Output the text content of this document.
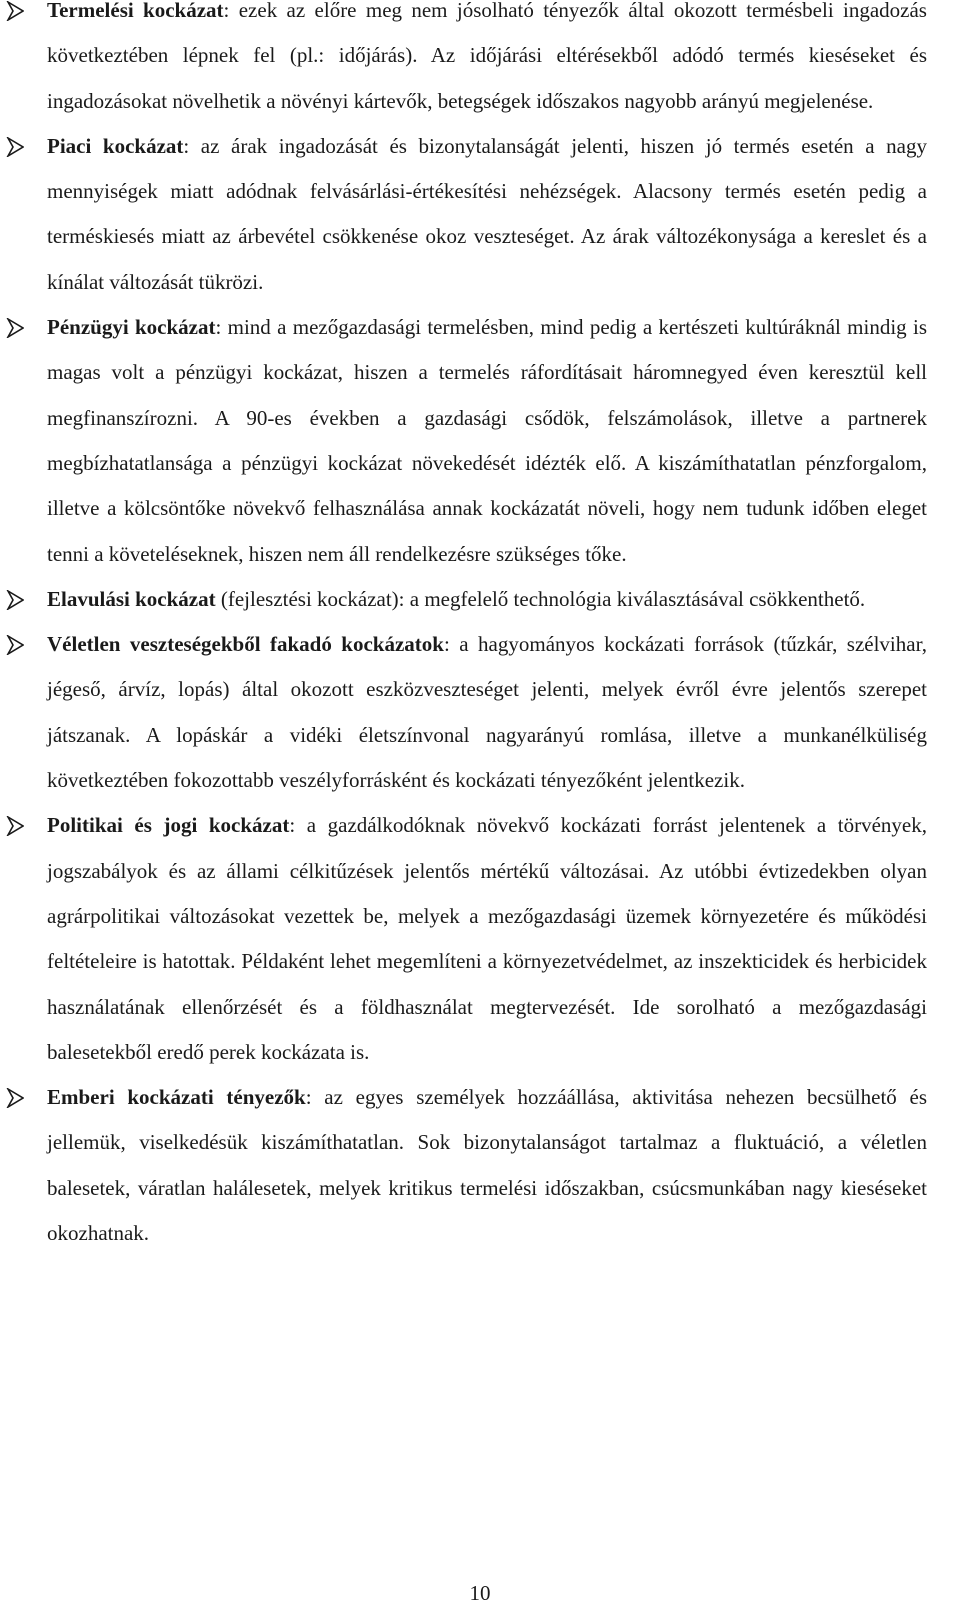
Termelési kockázat: ezek az előre meg nem jósolható tényezők által okozott termésbeli ingadozás következtében lépnek fel (pl.: időjárás). Az időjárási eltérésekből adódó termés kieséseket és ingadozásokat növelhetik a növényi kártevők, betegségek időszakos nagyobb arányú megjelenése.
Piaci kockázat: az árak ingadozását és bizonytalanságát jelenti, hiszen jó termés esetén a nagy mennyiségek miatt adódnak felvásárlási-értékesítési nehézségek. Alacsony termés esetén pedig a terméskiesés miatt az árbevétel csökkenése okoz veszteséget. Az árak változékonysága a kereslet és a kínálat változását tükrözi.
Pénzügyi kockázat: mind a mezőgazdasági termelésben, mind pedig a kertészeti kultúráknál mindig is magas volt a pénzügyi kockázat, hiszen a termelés ráfordításait háromnegyed éven keresztül kell megfinanszírozni. A 90-es években a gazdasági csődök, felszámolások, illetve a partnerek megbízhatatlansága a pénzügyi kockázat növekedését idézték elő. A kiszámíthatatlan pénzforgalom, illetve a kölcsöntőke növekvő felhasználása annak kockázatát növeli, hogy nem tudunk időben eleget tenni a követeléseknek, hiszen nem áll rendelkezésre szükséges tőke.
Elavulási kockázat (fejlesztési kockázat): a megfelelő technológia kiválasztásával csökkenthető.
Véletlen veszteségekből fakadó kockázatok: a hagyományos kockázati források (tűzkár, szélvihar, jégeső, árvíz, lopás) által okozott eszközveszteséget jelenti, melyek évről évre jelentős szerepet játszanak. A lopáskár a vidéki életszínvonal nagyarányú romlása, illetve a munkanélküliség következtében fokozottabb veszélyforrásként és kockázati tényezőként jelentkezik.
Politikai és jogi kockázat: a gazdálkodóknak növekvő kockázati forrást jelentenek a törvények, jogszabályok és az állami célkitűzések jelentős mértékű változásai. Az utóbbi évtizedekben olyan agrárpolitikai változásokat vezettek be, melyek a mezőgazdasági üzemek környezetére és működési feltételeire is hatottak. Példaként lehet megemlíteni a környezetvédelmet, az inszekticidek és herbicidek használatának ellenőrzését és a földhasználat megtervezését. Ide sorolható a mezőgazdasági balesetekből eredő perek kockázata is.
Emberi kockázati tényezők: az egyes személyek hozzáállása, aktivitása nehezen becsülhető és jellemük, viselkedésük kiszámíthatatlan. Sok bizonytalanságot tartalmaz a fluktuáció, a véletlen balesetek, váratlan halálesetek, melyek kritikus termelési időszakban, csúcsmunkában nagy kieséseket okozhatnak.
10
